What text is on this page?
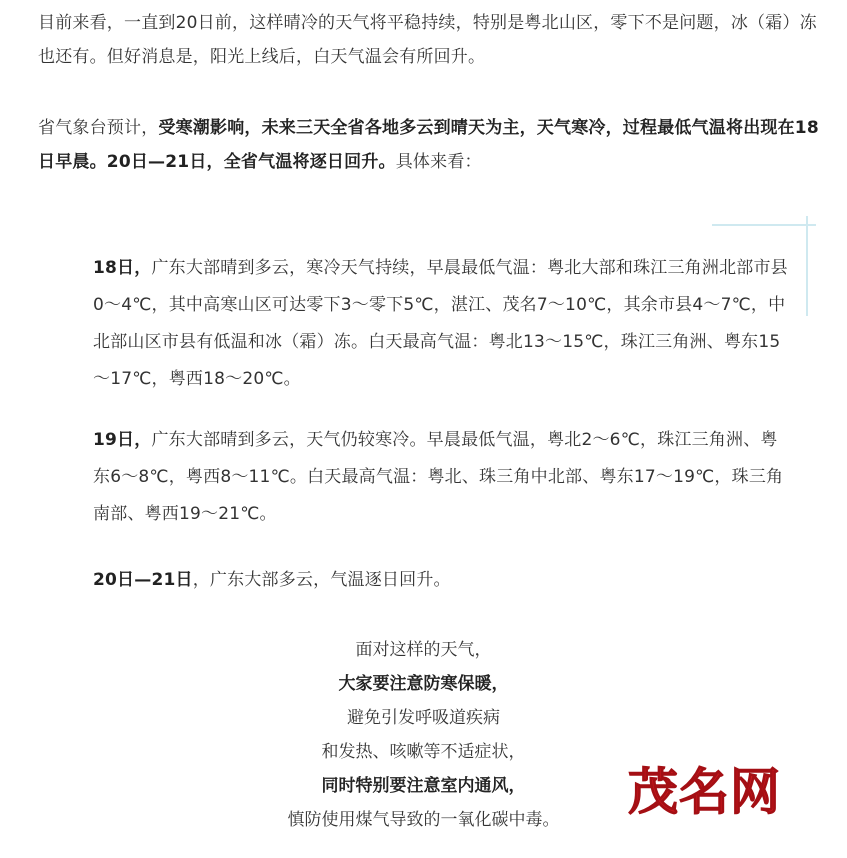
目前来看，一直到20日前，这样晴冷的天气将平稳持续，特别是粤北山区，零下不是问题，冰（霜）冻也还有。但好消息是，阳光上线后，白天气温会有所回升。

省气象台预计，受寒潮影响，未来三天全省各地多云到晴天为主，天气寒冷，过程最低气温将出现在18日早晨。20日—21日，全省气温将逐日回升。具体来看：

18日，广东大部晴到多云，寒冷天气持续，早晨最低气温：粤北大部和珠江三角洲北部市县0～4℃，其中高寒山区可达零下3～零下5℃，湛江、茂名7～10℃，其余市县4～7℃，中北部山区市县有低温和冰（霜）冻。白天最高气温：粤北13～15℃，珠江三角洲、粤东15～17℃，粤西18～20℃。

19日，广东大部晴到多云，天气仍较寒冷。早晨最低气温，粤北2～6℃，珠江三角洲、粤东6～8℃，粤西8～11℃。白天最高气温：粤北、珠三角中北部、粤东17～19℃，珠三角南部、粤西19～21℃。

20日—21日，广东大部多云，气温逐日回升。

面对这样的天气，
大家要注意防寒保暖，
避免引发呼吸道疾病
和发热、咳嗽等不适症状，
同时特别要注意室内通风，
慎防使用煤气导致的一氧化碳中毒。	茂名网
